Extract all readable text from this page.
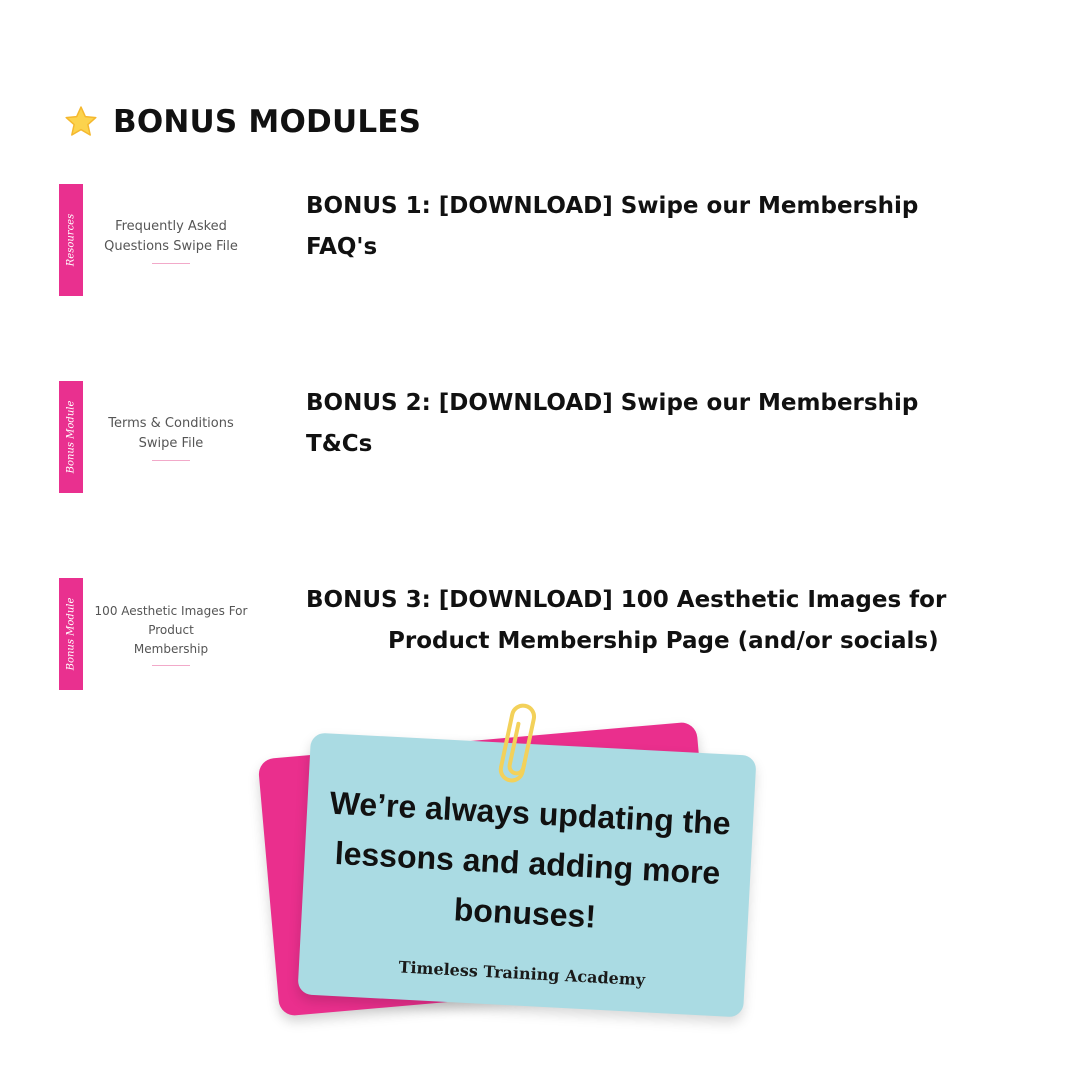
BONUS MODULES
Resources	Frequently Asked
Questions Swipe File
BONUS 1: [DOWNLOAD] Swipe our Membership
FAQ's
Bonus Module Terms & Conditions
Swipe File
BONUS 2: [DOWNLOAD] Swipe our Membership
T&Cs
Bonus Module 100 Aesthetic Images For
Product
Membership
BONUS 3: [DOWNLOAD] 100 Aesthetic Images for
Product Membership Page (and/or socials)
We’re always updating the lessons and adding more bonuses!
Timeless Training Academy
